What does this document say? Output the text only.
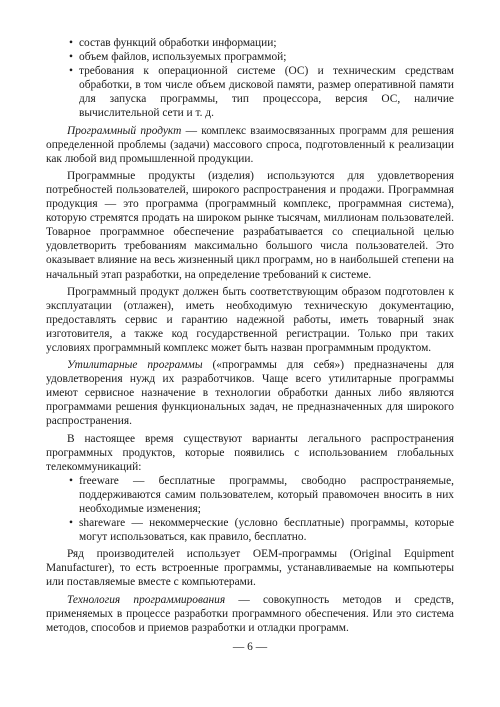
• состав функций обработки информации;

• объем файлов, используемых программой;

• требования к операционной системе (ОС) и техническим средствам обработки, в том числе объем дисковой памяти, размер оперативной памяти для запуска программы, тип процессора, версия ОС, наличие вычислительной сети и т. д.

Программный продукт — комплекс взаимосвязанных программ для решения определенной проблемы (задачи) массового спроса, подготовленный к реализации как любой вид промышленной продукции.

Программные продукты (изделия) используются для удовлетворения потребностей пользователей, широкого распространения и продажи. Программная продукция — это программа (программный комплекс, программная система), которую стремятся продать на широком рынке тысячам, миллионам пользователей. Товарное программное обеспечение разрабатывается со специальной целью удовлетворить требованиям максимально большого числа пользователей. Это оказывает влияние на весь жизненный цикл программ, но в наибольшей степени на начальный этап разработки, на определение требований к системе.

Программный продукт должен быть соответствующим образом подготовлен к эксплуатации (отлажен), иметь необходимую техническую документацию, предоставлять сервис и гарантию надежной работы, иметь товарный знак изготовителя, а также код государственной регистрации. Только при таких условиях программный комплекс может быть назван программным продуктом.

Утилитарные программы («программы для себя») предназначены для удовлетворения нужд их разработчиков. Чаще всего утилитарные программы имеют сервисное назначение в технологии обработки данных либо являются программами решения функциональных задач, не предназначенных для широкого распространения.

В настоящее время существуют варианты легального распространения программных продуктов, которые появились с использованием глобальных телекоммуникаций:

• freeware — бесплатные программы, свободно распространяемые, поддерживаются самим пользователем, который правомочен вносить в них необходимые изменения;

• shareware — некоммерческие (условно бесплатные) программы, которые могут использоваться, как правило, бесплатно.

Ряд производителей использует OEM-программы (Original Equipment Manufacturer), то есть встроенные программы, устанавливаемые на компьютеры или поставляемые вместе с компьютерами.

Технология программирования — совокупность методов и средств, применяемых в процессе разработки программного обеспечения. Или это система методов, способов и приемов разработки и отладки программ.

— 6 —
